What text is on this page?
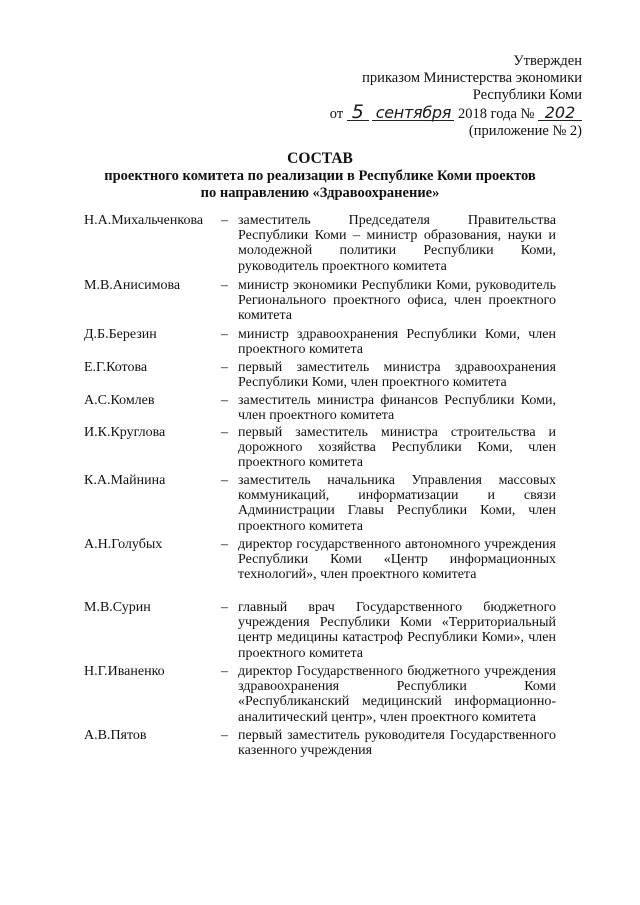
Утвержден
приказом Министерства экономики
Республики Коми
от 5 сентября 2018 года № 202
(приложение № 2)
СОСТАВ
проектного комитета по реализации в Республике Коми проектов по направлению «Здравоохранение»
Н.А.Михальченкова – заместитель Председателя Правительства Республики Коми – министр образования, науки и молодежной политики Республики Коми, руководитель проектного комитета
М.В.Анисимова	– министр экономики Республики Коми, руководитель Регионального проектного офиса, член проектного комитета
Д.Б.Березин	– министр здравоохранения Республики Коми, член проектного комитета
Е.Г.Котова	– первый заместитель министра здравоохранения Республики Коми, член проектного комитета
А.С.Комлев	– заместитель министра финансов Республики Коми, член проектного комитета
И.К.Круглова	– первый заместитель министра строительства и дорожного хозяйства Республики Коми, член проектного комитета
К.А.Майнина	– заместитель начальника Управления массовых коммуникаций, информатизации и связи Администрации Главы Республики Коми, член проектного комитета
А.Н.Голубых	– директор государственного автономного учреждения Республики Коми «Центр информационных технологий», член проектного комитета
М.В.Сурин	– главный врач Государственного бюджетного учреждения Республики Коми «Территориальный центр медицины катастроф Республики Коми», член проектного комитета
Н.Г.Иваненко	– директор Государственного бюджетного учреждения здравоохранения Республики Коми «Республиканский медицинский информационно-аналитический центр», член проектного комитета
А.В.Пятов	– первый заместитель руководителя Государственного казенного учреждения
